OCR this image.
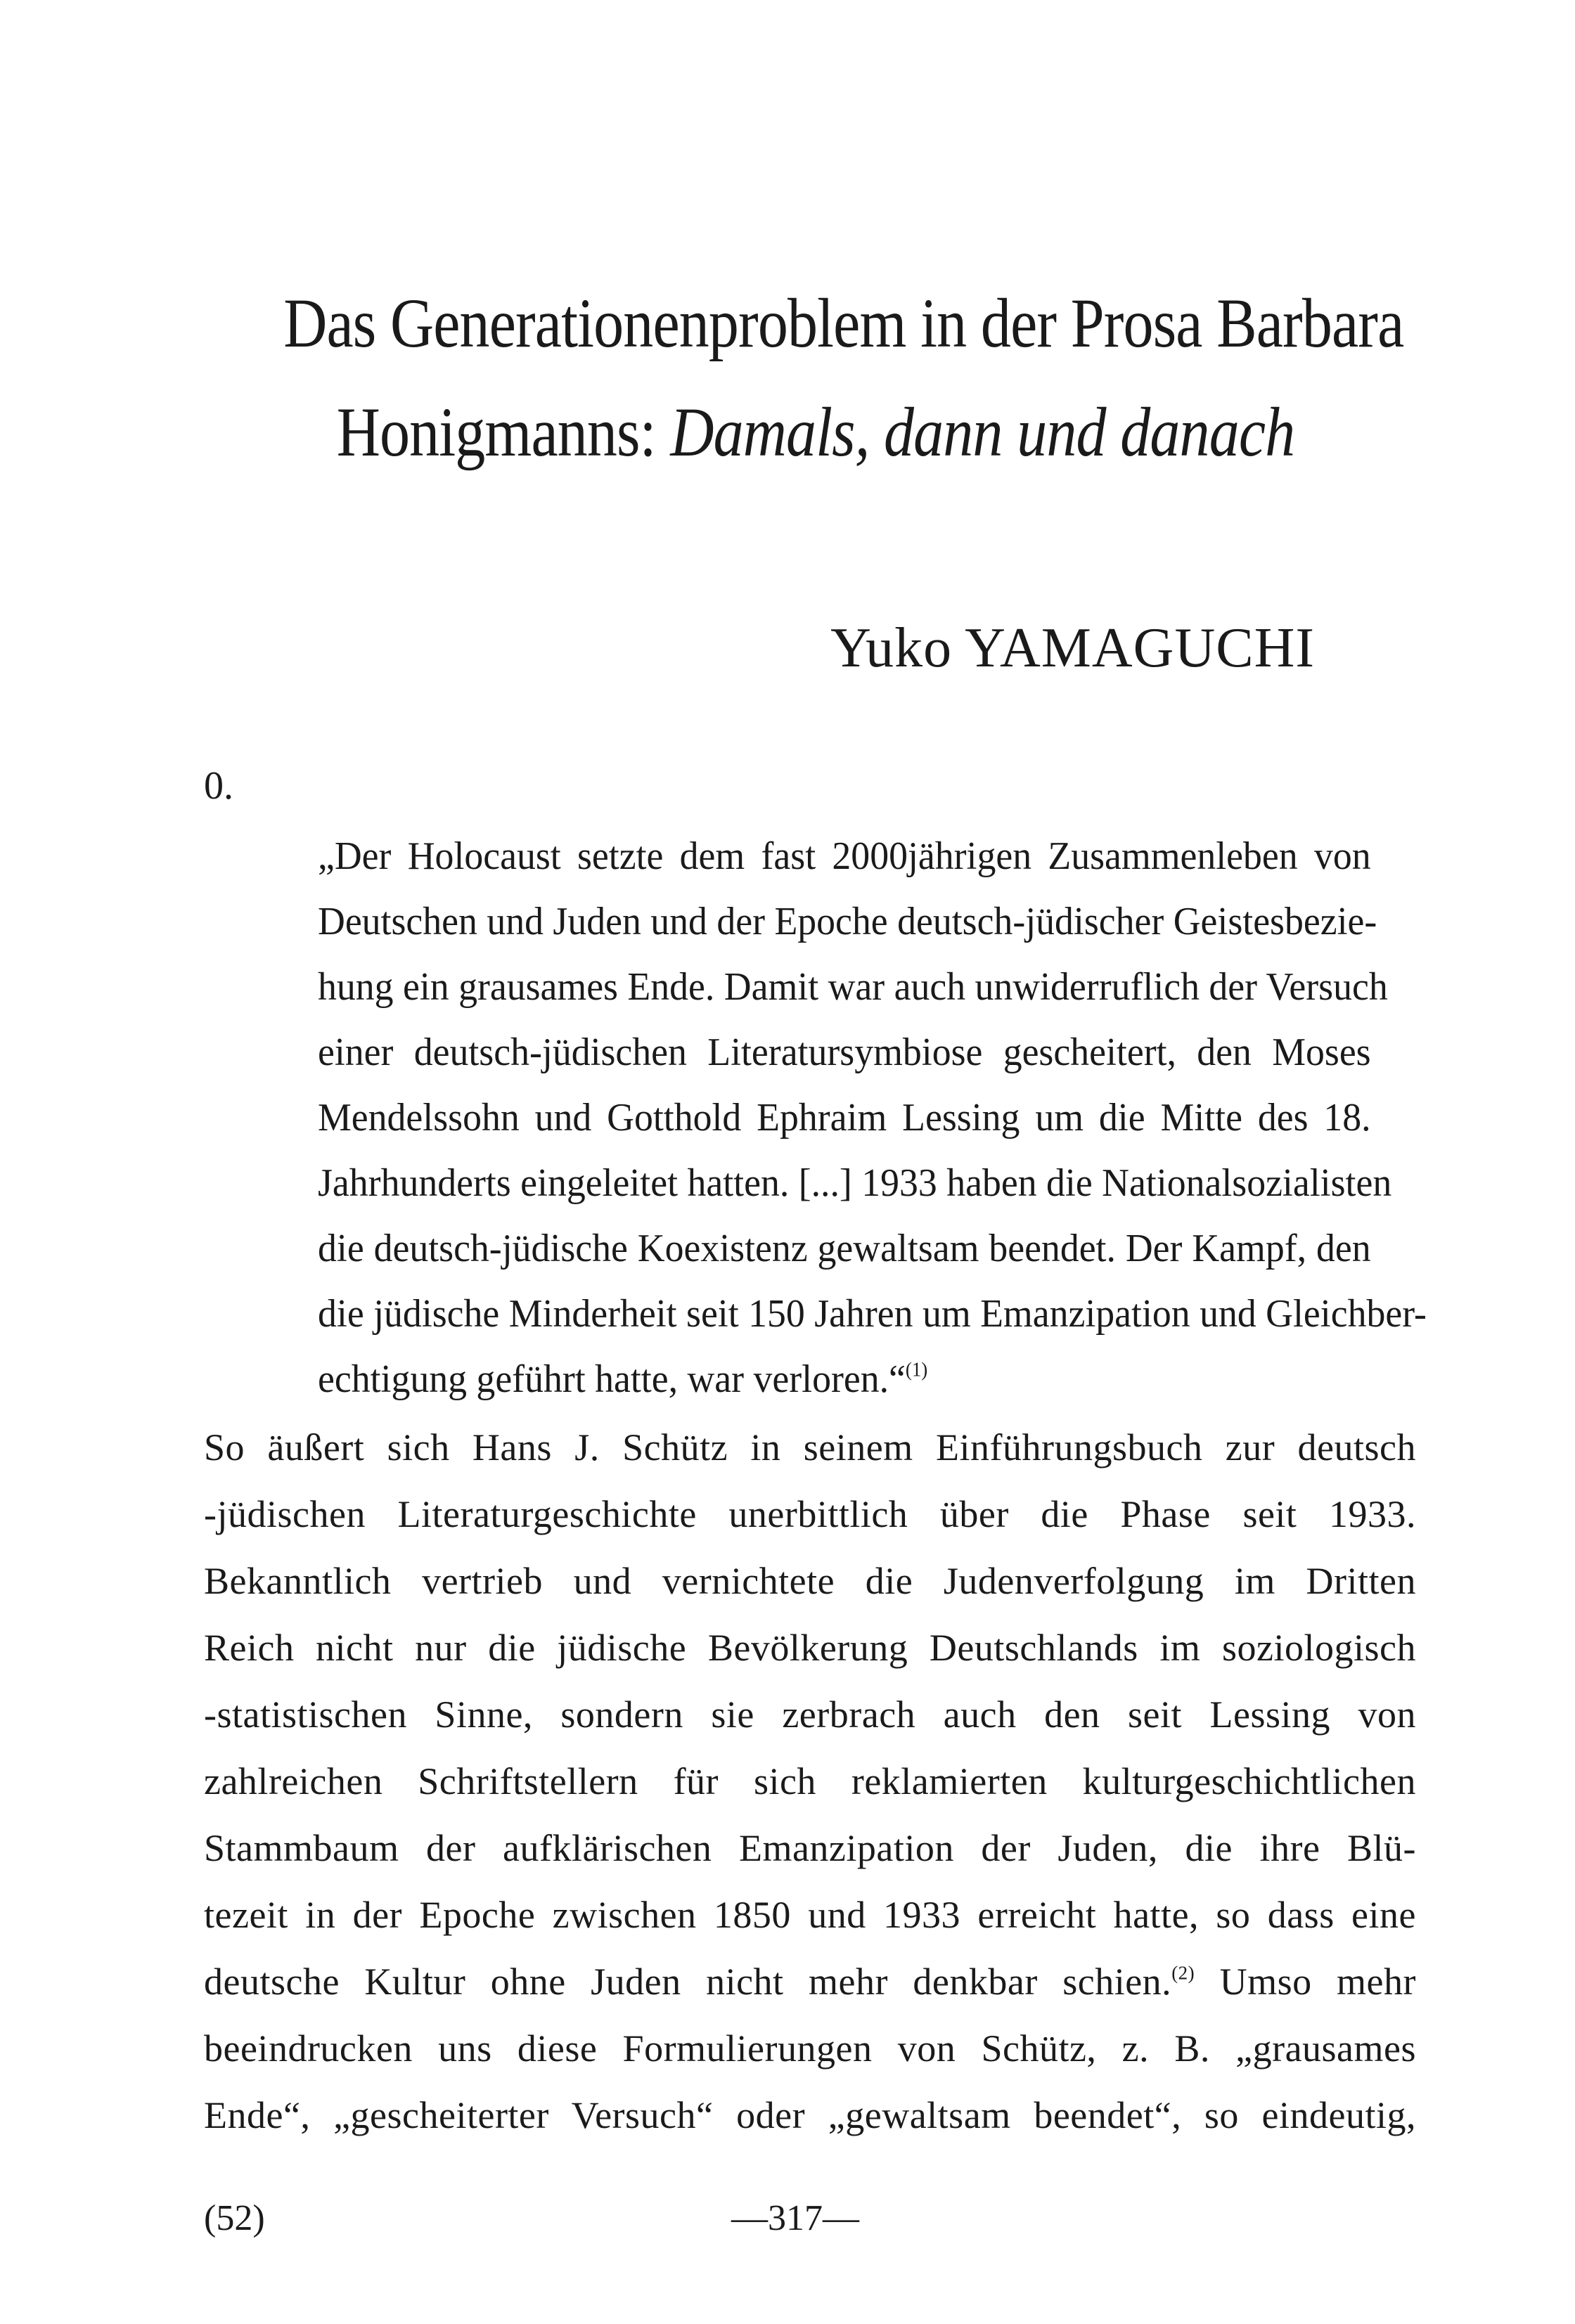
Das Generationenproblem in der Prosa Barbara
Honigmanns: Damals, dann und danach
Yuko YAMAGUCHI
0.
„Der Holocaust setzte dem fast 2000jährigen Zusammenleben von
Deutschen und Juden und der Epoche deutsch-jüdischer Geistesbezie-
hung ein grausames Ende. Damit war auch unwiderruflich der Versuch
einer deutsch-jüdischen Literatursymbiose gescheitert, den Moses
Mendelssohn und Gotthold Ephraim Lessing um die Mitte des 18.
Jahrhunderts eingeleitet hatten. [...] 1933 haben die Nationalsozialisten
die deutsch-jüdische Koexistenz gewaltsam beendet. Der Kampf, den
die jüdische Minderheit seit 150 Jahren um Emanzipation und Gleichber-
echtigung geführt hatte, war verloren.“$^{(1)}$
So äußert sich Hans J. Schütz in seinem Einführungsbuch zur deutsch
-jüdischen Literaturgeschichte unerbittlich über die Phase seit 1933.
Bekanntlich vertrieb und vernichtete die Judenverfolgung im Dritten
Reich nicht nur die jüdische Bevölkerung Deutschlands im soziologisch
-statistischen Sinne, sondern sie zerbrach auch den seit Lessing von
zahlreichen Schriftstellern für sich reklamierten kulturgeschichtlichen
Stammbaum der aufklärischen Emanzipation der Juden, die ihre Blü-
tezeit in der Epoche zwischen 1850 und 1933 erreicht hatte, so dass eine
deutsche Kultur ohne Juden nicht mehr denkbar schien.$^{(2)}$ Umso mehr
beeindrucken uns diese Formulierungen von Schütz, z. B. „grausames
Ende“, „gescheiterter Versuch“ oder „gewaltsam beendet“, so eindeutig,
(52)	—317—
